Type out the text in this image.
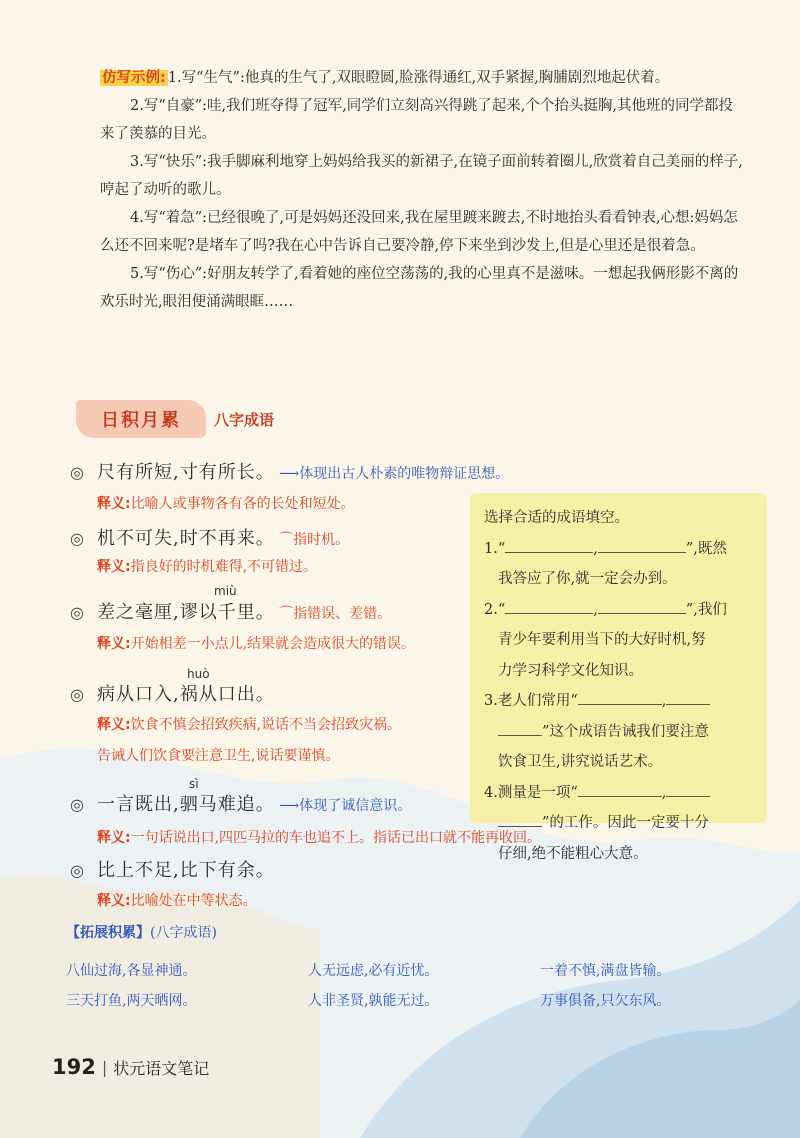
仿写示例: 1.写“生气”:他真的生气了,双眼瞪圆,脸涨得通红,双手紧握,胸脯剧烈地起伏着。

2.写“自豪”:哇,我们班夺得了冠军,同学们立刻高兴得跳了起来,个个抬头挺胸,其他班的同学都投来了羡慕的目光。

3.写“快乐”:我手脚麻利地穿上妈妈给我买的新裙子,在镜子面前转着圈儿,欣赏着自己美丽的样子,哼起了动听的歌儿。

4.写“着急”:已经很晚了,可是妈妈还没回来,我在屋里踱来踱去,不时地抬头看看钟表,心想:妈妈怎么还不回来呢?是堵车了吗?我在心中告诉自己要冷静,停下来坐到沙发上,但是心里还是很着急。

5.写“伤心”:好朋友转学了,看着她的座位空荡荡的,我的心里真不是滋味。一想起我俩形影不离的欢乐时光,眼泪便涌满眼眶……

日积月累	八字成语
◎ 尺有所短,寸有所长。 ⟶体现出古人朴素的唯物辩证思想。
释义:比喻人或事物各有各的长处和短处。
◎ 机不可失,时不再来。 ⌒指时机。
释义:指良好的时机难得,不可错过。
miù
◎ 差之毫厘,谬以千里。 ⌒指错误、差错。
释义:开始相差一小点儿,结果就会造成很大的错误。
huò
◎ 病从口入,祸从口出。
释义:饮食不慎会招致疾病,说话不当会招致灾祸。
告诫人们饮食要注意卫生,说话要谨慎。
sì
◎ 一言既出,驷马难追。 ⟶体现了诚信意识。
释义:一句话说出口,四匹马拉的车也追不上。指话已出口就不能再收回。
◎ 比上不足,比下有余。
释义:比喻处在中等状态。

选择合适的成语填空。

1.“	,	”,既然

我答应了你,就一定会办到。

2.“	,	”,我们

青少年要利用当下的大好时机,努

力学习科学文化知识。

3.老人们常用“	,

”这个成语告诫我们要注意

饮食卫生,讲究说话艺术。

4.测量是一项“	,

”的工作。因此一定要十分

仔细,绝不能粗心大意。

【拓展积累】(八字成语)
八仙过海,各显神通。	人无远虑,必有近忧。	一着不慎,满盘皆输。
三天打鱼,两天晒网。	人非圣贤,孰能无过。	万事俱备,只欠东风。
192 | 状元语文笔记
